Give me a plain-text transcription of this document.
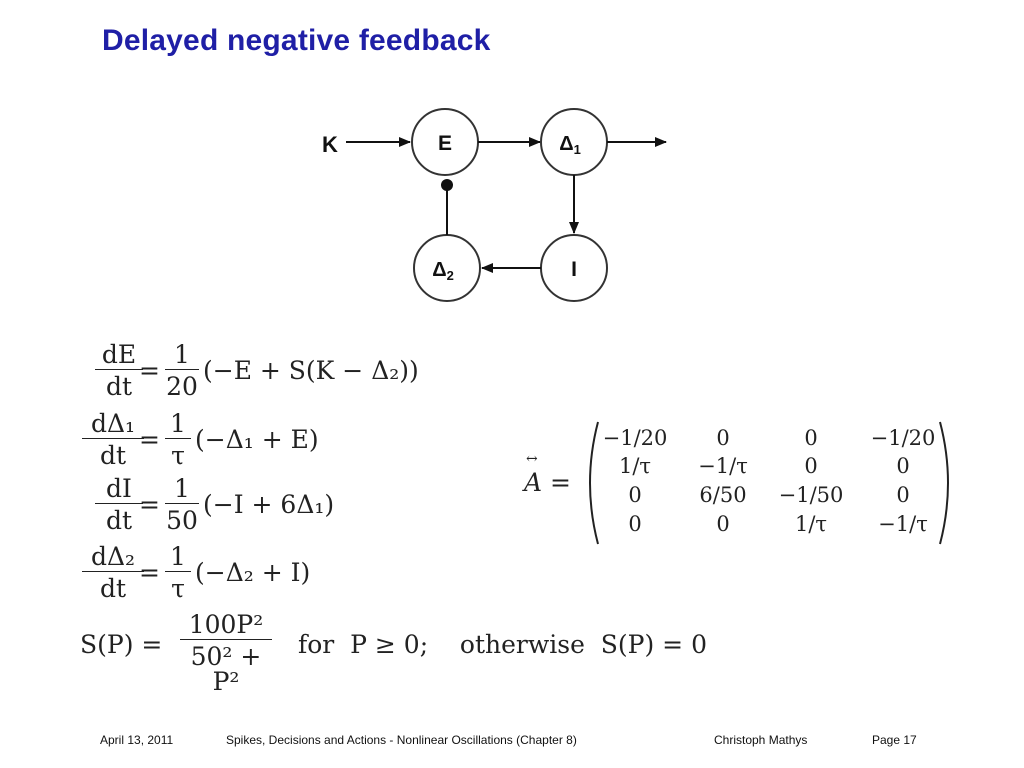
Delayed negative feedback
K	E	$\Delta_1$
I
$\Delta_2$
$\frac{dE}{dt}$
= $\frac{1}{20} (-E + S(K - \Delta_2))$
$\frac{\text{dΔ₁}}{dt}$
= $\frac{1}{\tau} (-\Delta_1 + E)$
$\frac{dI}{dt}$
= $\frac{1}{50} (-I + 6\Delta_1)$
$\frac{\text{dΔ₂}}{dt}$
= $\frac{1}{\tau} (-\Delta_2 + I)$
$S(P) = \frac{\text{100P²}}{\text{50² + P²}}$ for  P ≥ 0;    otherwise  S(P) = 0
↔
A =
−1/20	0	0	−1/20
1/τ	−1/τ	0	0
0	6/50	−1/50	0
0	0	1/τ	−1/τ
April 13, 2011	Spikes, Decisions and Actions - Nonlinear Oscillations (Chapter 8)	Christoph Mathys	Page 17
